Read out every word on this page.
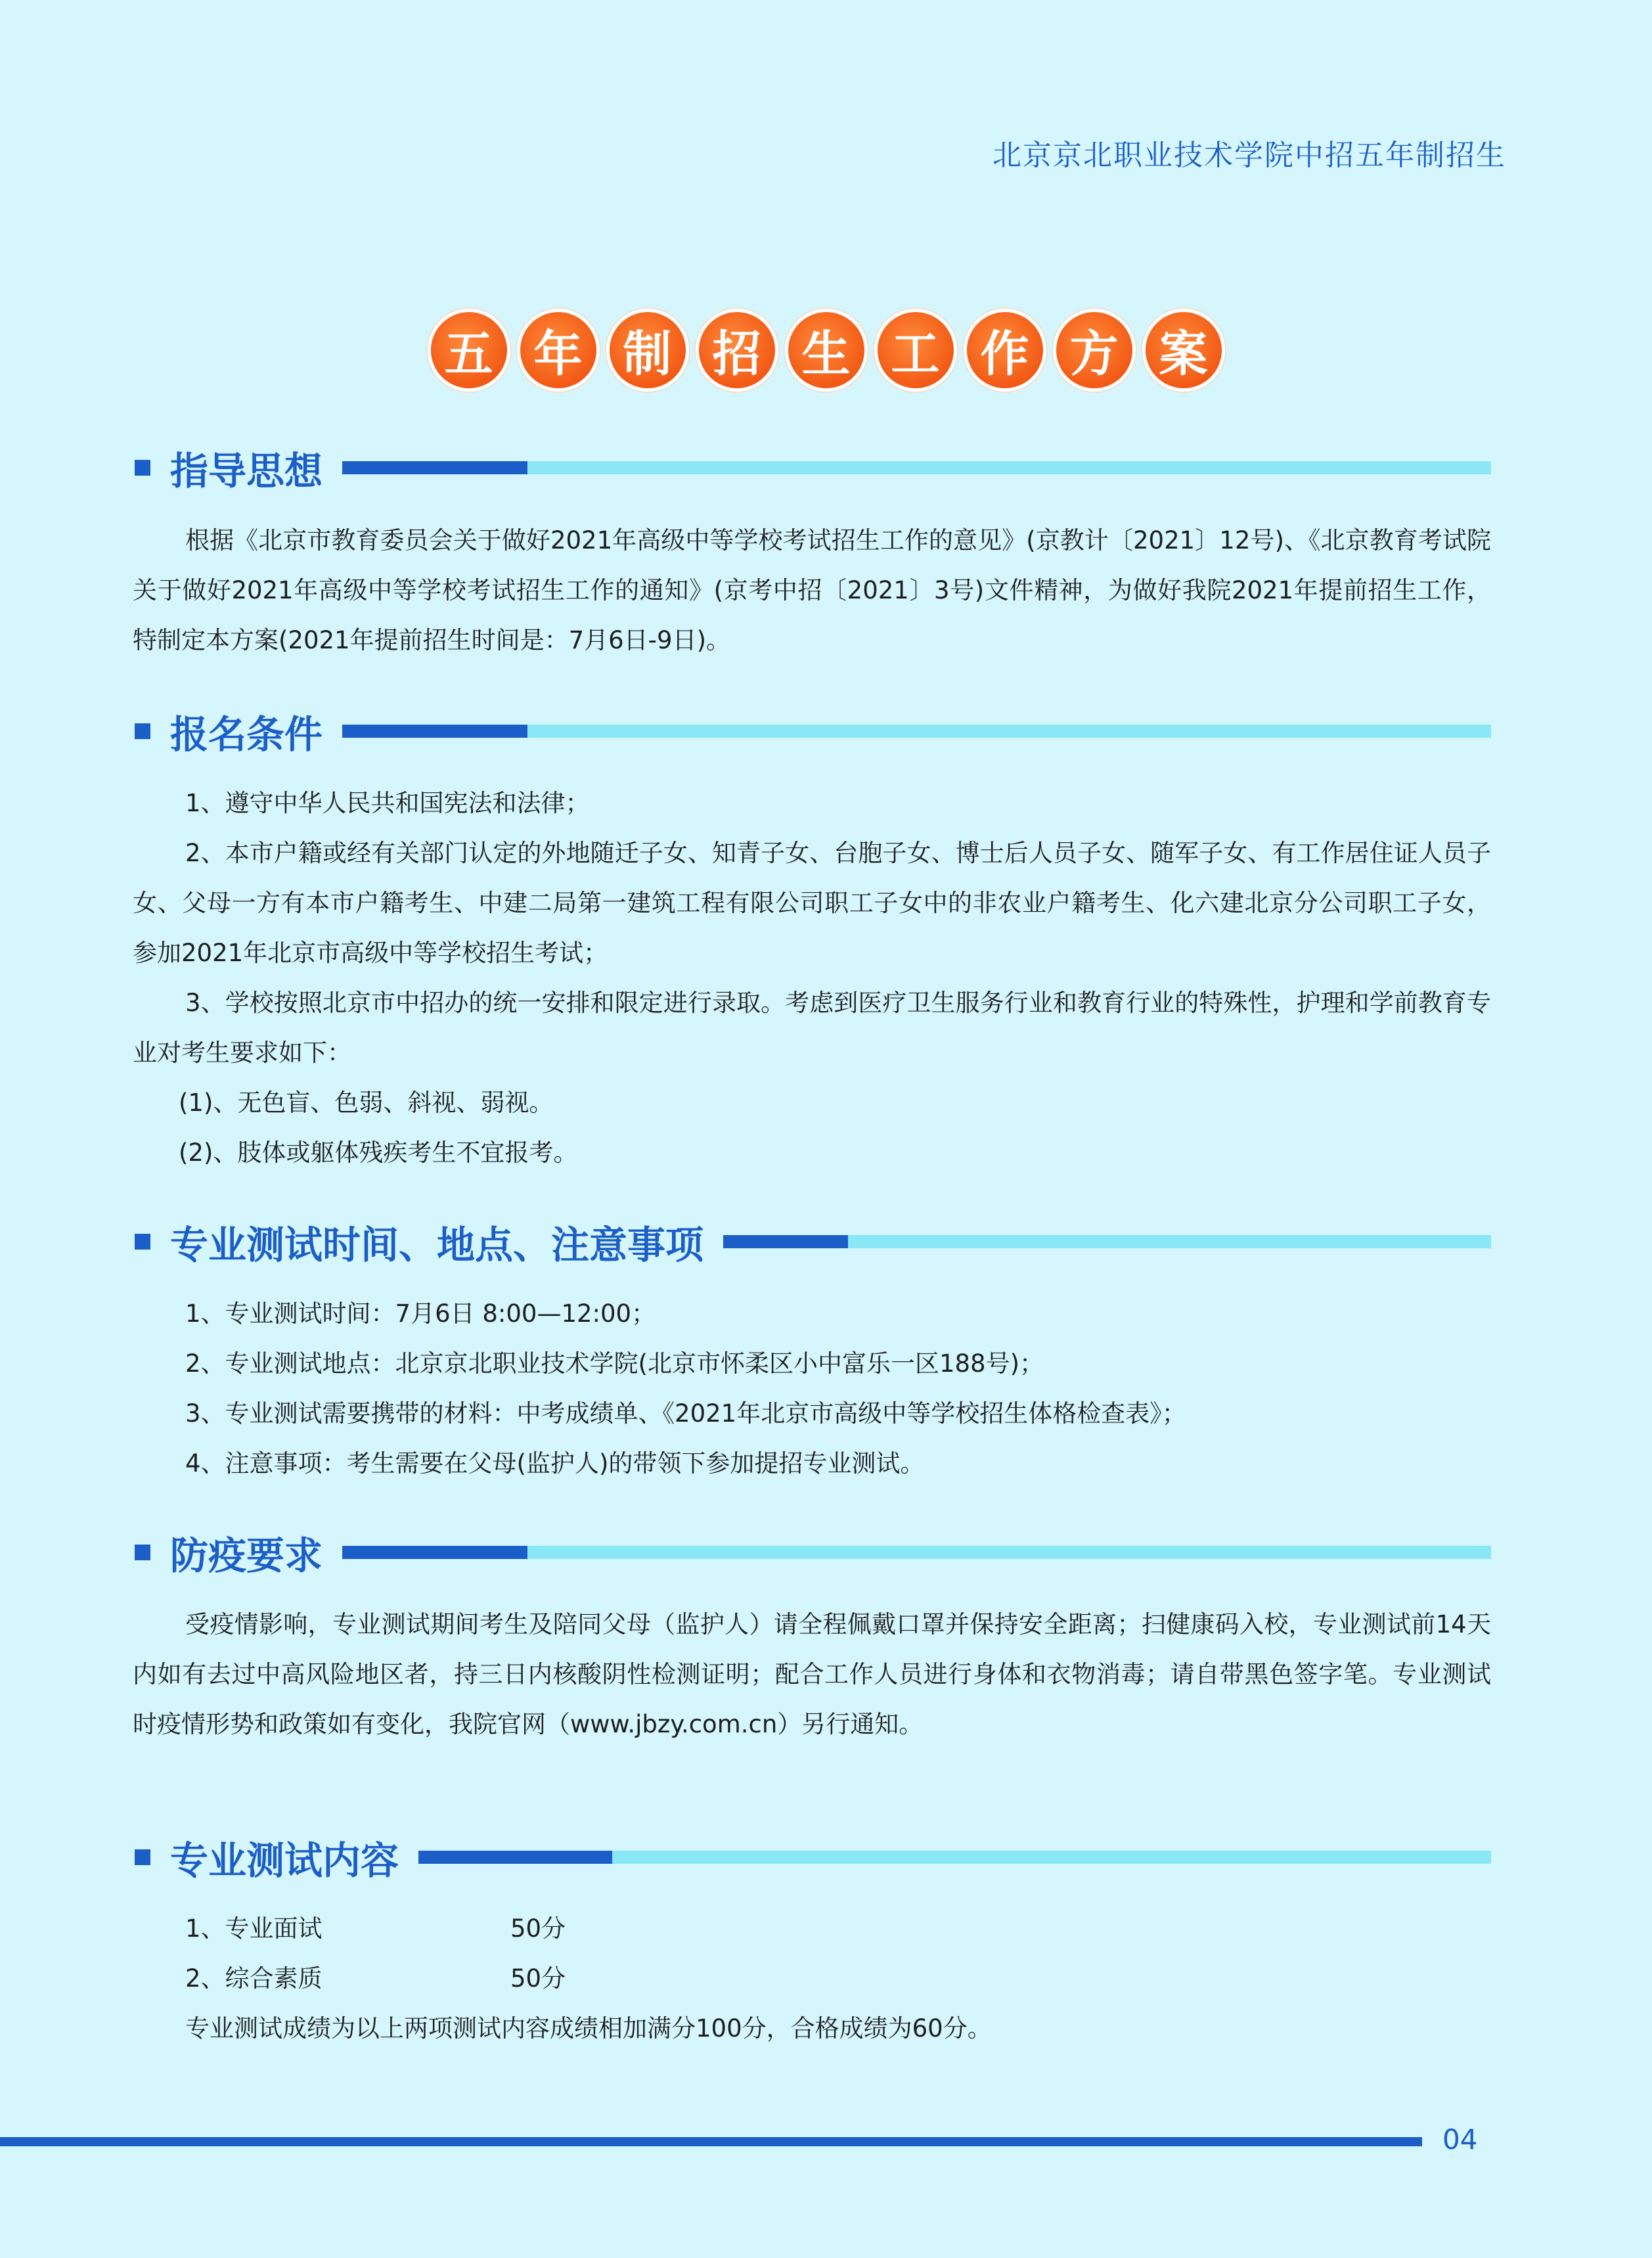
北京京北职业技术学院中招五年制招生
五 年 制 招 生 工 作 方 案
指导思想

根据《北京市教育委员会关于做好2021年高级中等学校考试招生工作的意见》(京教计〔2021〕12号)、《北京教育考试院关于做好2021年高级中等学校考试招生工作的通知》(京考中招〔2021〕3号)文件精神，为做好我院2021年提前招生工作，特制定本方案(2021年提前招生时间是：7月6日-9日)。

报名条件

1、遵守中华人民共和国宪法和法律；

2、本市户籍或经有关部门认定的外地随迁子女、知青子女、台胞子女、博士后人员子女、随军子女、有工作居住证人员子女、父母一方有本市户籍考生、中建二局第一建筑工程有限公司职工子女中的非农业户籍考生、化六建北京分公司职工子女，参加2021年北京市高级中等学校招生考试；

3、学校按照北京市中招办的统一安排和限定进行录取。考虑到医疗卫生服务行业和教育行业的特殊性，护理和学前教育专业对考生要求如下：

(1)、无色盲、色弱、斜视、弱视。

(2)、肢体或躯体残疾考生不宜报考。

专业测试时间、地点、注意事项

1、专业测试时间：7月6日 8:00—12:00；

2、专业测试地点：北京京北职业技术学院(北京市怀柔区小中富乐一区188号)；

3、专业测试需要携带的材料：中考成绩单、《2021年北京市高级中等学校招生体格检查表》；

4、注意事项：考生需要在父母(监护人)的带领下参加提招专业测试。

防疫要求

受疫情影响，专业测试期间考生及陪同父母（监护人）请全程佩戴口罩并保持安全距离；扫健康码入校，专业测试前14天内如有去过中高风险地区者，持三日内核酸阴性检测证明；配合工作人员进行身体和衣物消毒；请自带黑色签字笔。专业测试时疫情形势和政策如有变化，我院官网（www.jbzy.com.cn）另行通知。

专业测试内容
1、专业面试	50分
2、综合素质	50分

专业测试成绩为以上两项测试内容成绩相加满分100分，合格成绩为60分。

04
